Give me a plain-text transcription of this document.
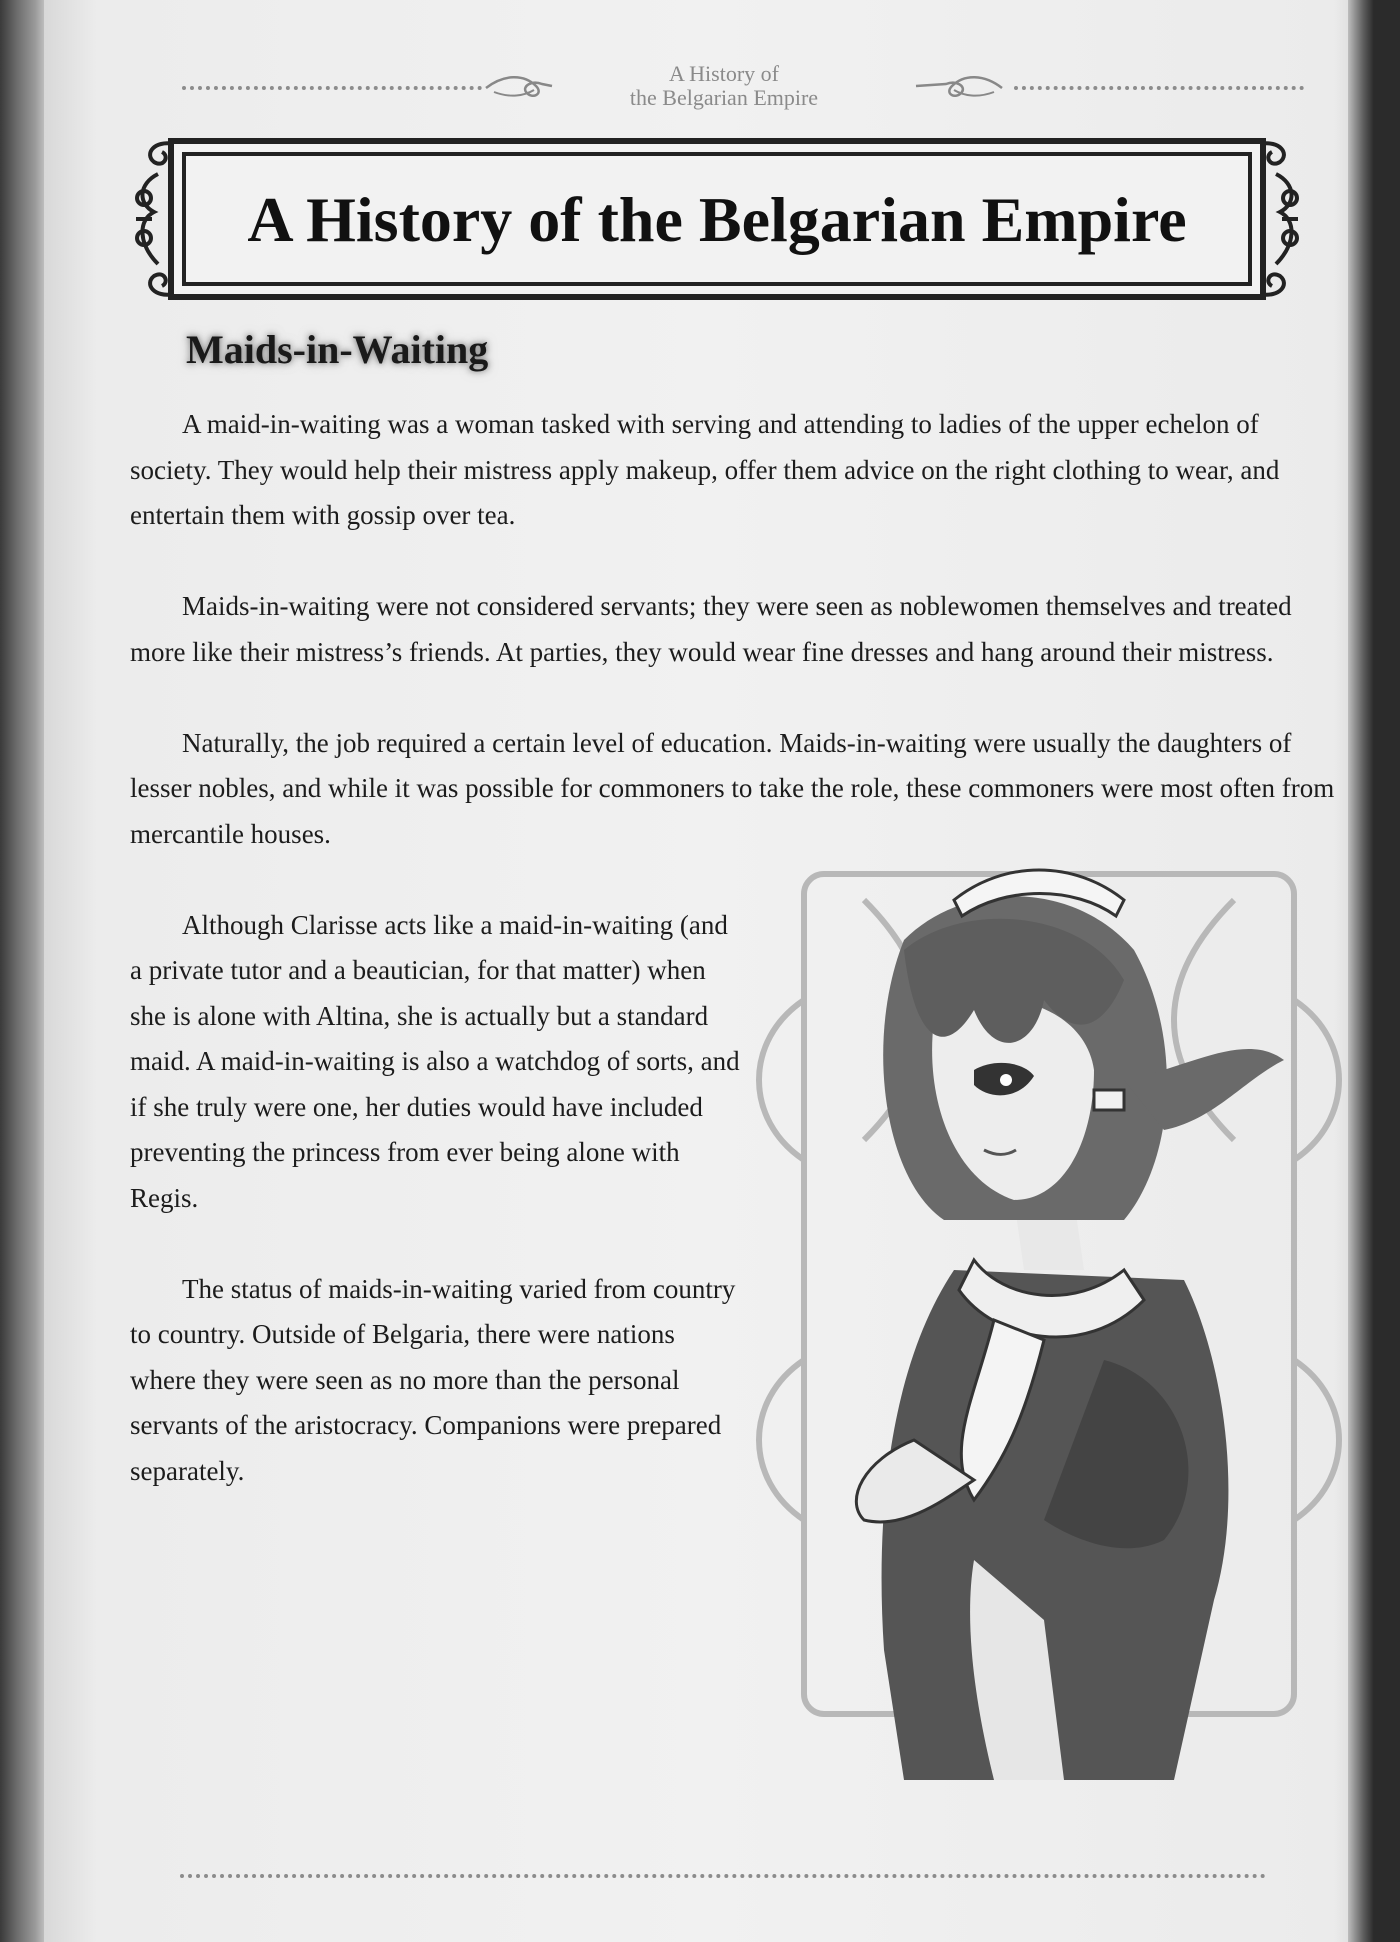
A History of
the Belgarian Empire
A History of the Belgarian Empire
Maids-in-Waiting

A maid-in-waiting was a woman tasked with serving and attending to ladies of the upper echelon of society. They would help their mistress apply makeup, offer them advice on the right clothing to wear, and entertain them with gossip over tea.

Maids-in-waiting were not considered servants; they were seen as noblewomen themselves and treated more like their mistress’s friends. At parties, they would wear fine dresses and hang around their mistress.

Naturally, the job required a certain level of education. Maids-in-waiting were usually the daughters of lesser nobles, and while it was possible for commoners to take the role, these commoners were most often from mercantile houses.

Although Clarisse acts like a maid-in-waiting (and a private tutor and a beautician, for that matter) when she is alone with Altina, she is actually but a standard maid. A maid-in-waiting is also a watchdog of sorts, and if she truly were one, her duties would have included preventing the princess from ever being alone with Regis.

The status of maids-in-waiting varied from country to country. Outside of Belgaria, there were nations where they were seen as no more than the personal servants of the aristocracy. Companions were prepared separately.
